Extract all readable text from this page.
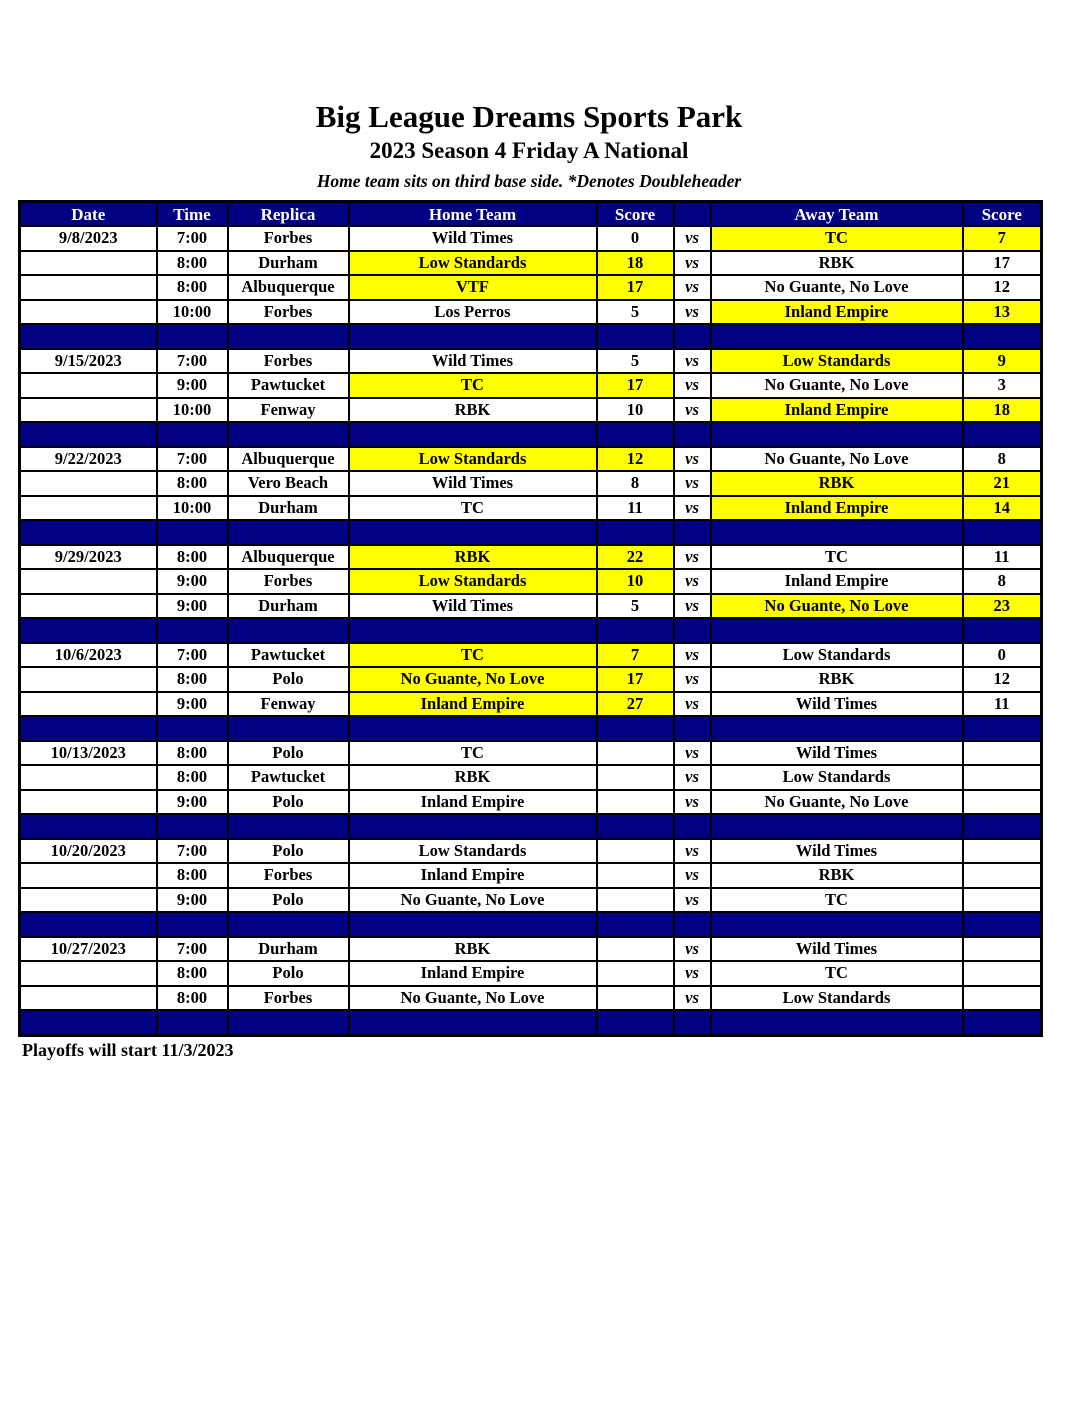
Big League Dreams Sports Park
2023 Season 4 Friday A National
Home team sits on third base side. *Denotes Doubleheader
Date	Time	Replica	Home Team	Score		Away Team	Score
9/8/2023	7:00	Forbes	Wild Times	0	vs	TC	7
	8:00	Durham	Low Standards	18	vs	RBK	17
	8:00	Albuquerque	VTF	17	vs	No Guante, No Love	12
	10:00	Forbes	Los Perros	5	vs	Inland Empire	13

9/15/2023	7:00	Forbes	Wild Times	5	vs	Low Standards	9
	9:00	Pawtucket	TC	17	vs	No Guante, No Love	3
	10:00	Fenway	RBK	10	vs	Inland Empire	18

9/22/2023	7:00	Albuquerque	Low Standards	12	vs	No Guante, No Love	8
	8:00	Vero Beach	Wild Times	8	vs	RBK	21
	10:00	Durham	TC	11	vs	Inland Empire	14

9/29/2023	8:00	Albuquerque	RBK	22	vs	TC	11
	9:00	Forbes	Low Standards	10	vs	Inland Empire	8
	9:00	Durham	Wild Times	5	vs	No Guante, No Love	23

10/6/2023	7:00	Pawtucket	TC	7	vs	Low Standards	0
	8:00	Polo	No Guante, No Love	17	vs	RBK	12
	9:00	Fenway	Inland Empire	27	vs	Wild Times	11

10/13/2023	8:00	Polo	TC		vs	Wild Times	
	8:00	Pawtucket	RBK		vs	Low Standards	
	9:00	Polo	Inland Empire		vs	No Guante, No Love	

10/20/2023	7:00	Polo	Low Standards		vs	Wild Times	
	8:00	Forbes	Inland Empire		vs	RBK	
	9:00	Polo	No Guante, No Love		vs	TC	

10/27/2023	7:00	Durham	RBK		vs	Wild Times	
	8:00	Polo	Inland Empire		vs	TC	
	8:00	Forbes	No Guante, No Love		vs	Low Standards	

Playoffs will start 11/3/2023
